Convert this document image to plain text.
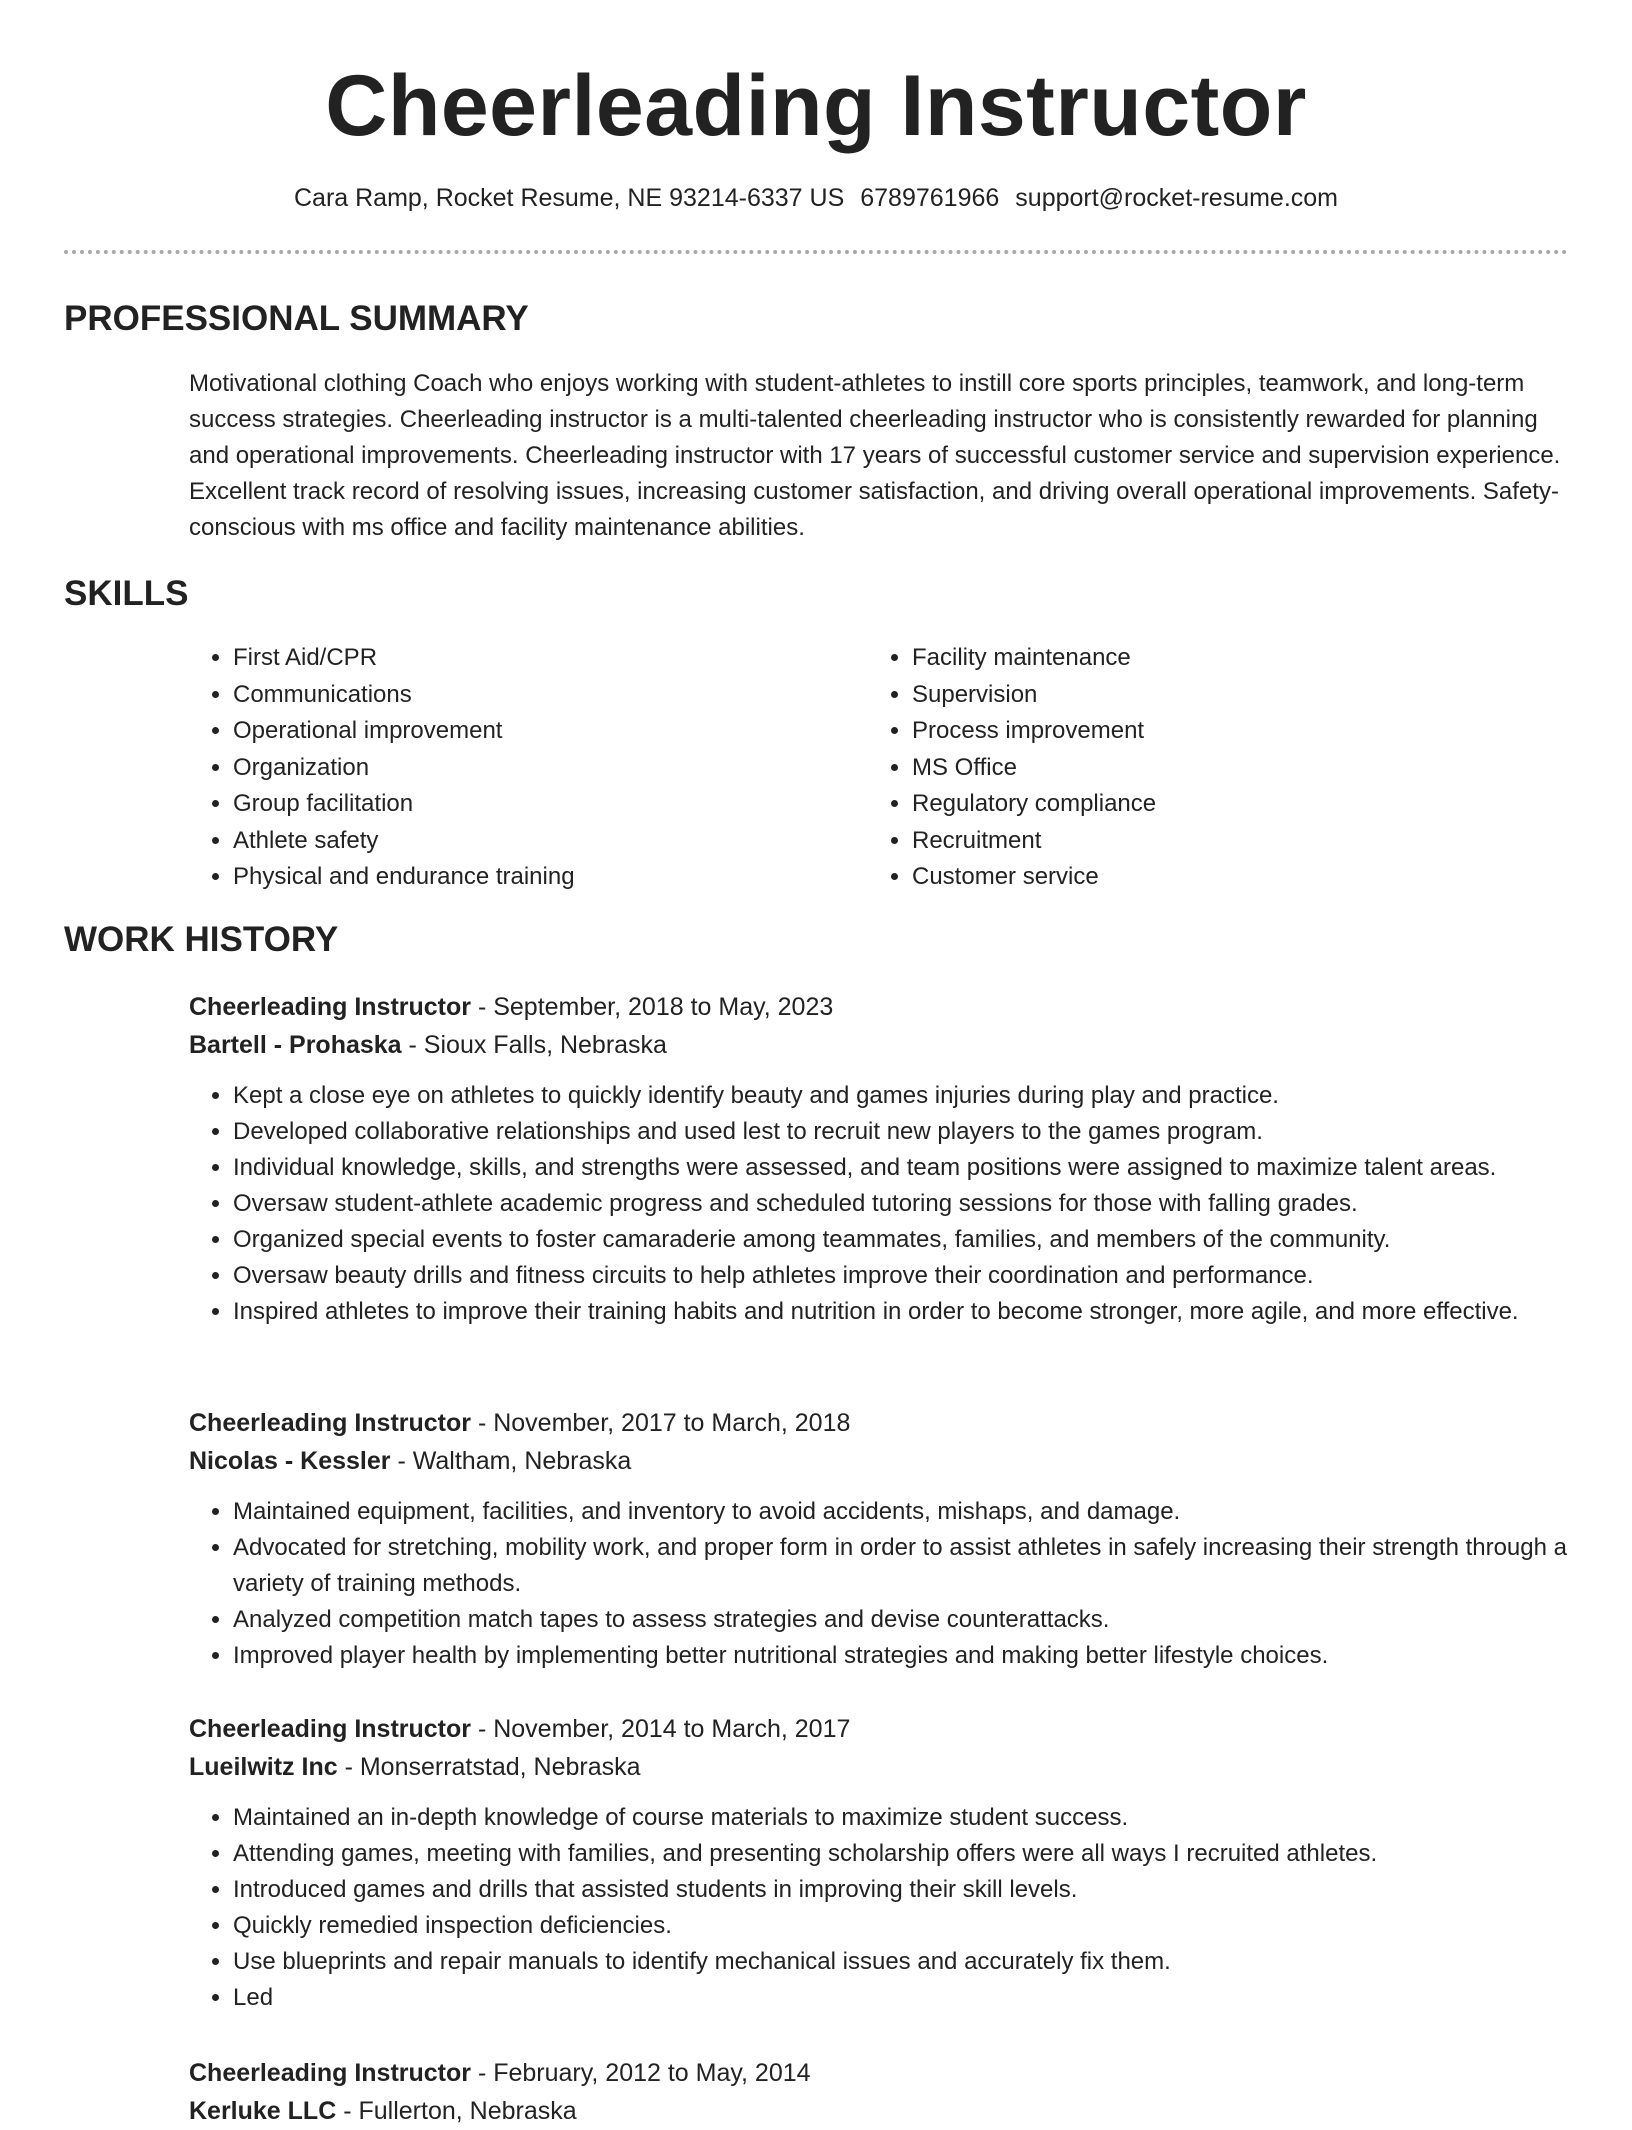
Cheerleading Instructor
Cara Ramp, Rocket Resume, NE 93214-6337 US 6789761966 support@rocket-resume.com
PROFESSIONAL SUMMARY

Motivational clothing Coach who enjoys working with student-athletes to instill core sports principles, teamwork, and long-term success strategies. Cheerleading instructor is a multi-talented cheerleading instructor who is consistently rewarded for planning and operational improvements. Cheerleading instructor with 17 years of successful customer service and supervision experience. Excellent track record of resolving issues, increasing customer satisfaction, and driving overall operational improvements. Safety-conscious with ms office and facility maintenance abilities.

SKILLS
• First Aid/CPR
• Communications
• Operational improvement
• Organization
• Group facilitation
• Athlete safety
• Physical and endurance training
• Facility maintenance
• Supervision
• Process improvement
• MS Office
• Regulatory compliance
• Recruitment
• Customer service
WORK HISTORY
Cheerleading Instructor - September, 2018 to May, 2023
Bartell - Prohaska - Sioux Falls, Nebraska
• Kept a close eye on athletes to quickly identify beauty and games injuries during play and practice.
• Developed collaborative relationships and used lest to recruit new players to the games program.
• Individual knowledge, skills, and strengths were assessed, and team positions were assigned to maximize talent areas.
• Oversaw student-athlete academic progress and scheduled tutoring sessions for those with falling grades.
• Organized special events to foster camaraderie among teammates, families, and members of the community.
• Oversaw beauty drills and fitness circuits to help athletes improve their coordination and performance.
• Inspired athletes to improve their training habits and nutrition in order to become stronger, more agile, and more effective.
Cheerleading Instructor - November, 2017 to March, 2018
Nicolas - Kessler - Waltham, Nebraska
• Maintained equipment, facilities, and inventory to avoid accidents, mishaps, and damage.
• Advocated for stretching, mobility work, and proper form in order to assist athletes in safely increasing their strength through a variety of training methods.
• Analyzed competition match tapes to assess strategies and devise counterattacks.
• Improved player health by implementing better nutritional strategies and making better lifestyle choices.
Cheerleading Instructor - November, 2014 to March, 2017
Lueilwitz Inc - Monserratstad, Nebraska
• Maintained an in-depth knowledge of course materials to maximize student success.
• Attending games, meeting with families, and presenting scholarship offers were all ways I recruited athletes.
• Introduced games and drills that assisted students in improving their skill levels.
• Quickly remedied inspection deficiencies.
• Use blueprints and repair manuals to identify mechanical issues and accurately fix them.
• Led
Cheerleading Instructor - February, 2012 to May, 2014
Kerluke LLC - Fullerton, Nebraska
